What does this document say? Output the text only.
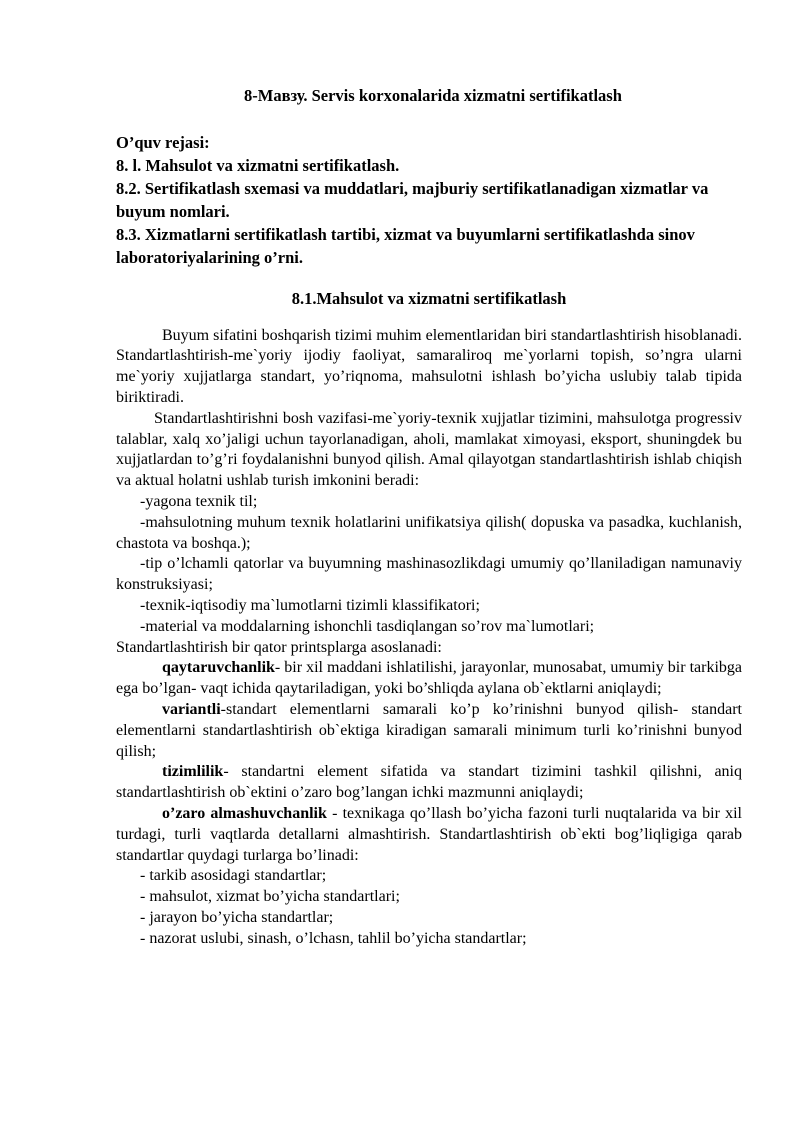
8-Мавзу. Servis korxonalarida xizmatni sertifikatlash
O’quv rejasi:
8. l. Mahsulot va xizmatni sertifikatlash.
8.2. Sertifikatlash sxemasi va muddatlari, majburiy sertifikatlanadigan xizmatlar va buyum nomlari.
8.3. Xizmatlarni sertifikatlash tartibi, xizmat va buyumlarni sertifikatlashda sinov laboratoriyalarining o’rni.
8.1.Mahsulot va xizmatni sertifikatlash

Buyum sifatini boshqarish tizimi muhim elementlaridan biri standartlashtirish hisoblanadi. Standartlashtirish-me`yoriy ijodiy faoliyat, samaraliroq me`yorlarni topish, so’ngra ularni me`yoriy xujjatlarga standart, yo’riqnoma, mahsulotni ishlash bo’yicha uslubiy talab tipida biriktiradi.

Standartlashtirishni bosh vazifasi-me`yoriy-texnik xujjatlar tizimini, mahsulotga progressiv talablar, xalq xo’jaligi uchun tayorlanadigan, aholi, mamlakat ximoyasi, eksport, shuningdek bu xujjatlardan to’g’ri foydalanishni bunyod qilish. Amal qilayotgan standartlashtirish ishlab chiqish va aktual holatni ushlab turish imkonini beradi:

-yagona texnik til;

-mahsulotning muhum texnik holatlarini unifikatsiya qilish( dopuska va pasadka, kuchlanish, chastota va boshqa.);

-tip o’lchamli qatorlar va buyumning mashinasozlikdagi umumiy qo’llaniladigan namunaviy konstruksiyasi;

-texnik-iqtisodiy ma`lumotlarni tizimli klassifikatori;

-material va moddalarning ishonchli tasdiqlangan so’rov ma`lumotlari;

Standartlashtirish bir qator printsplarga asoslanadi:

qaytaruvchanlik- bir xil maddani ishlatilishi, jarayonlar, munosabat, umumiy bir tarkibga ega bo’lgan- vaqt ichida qaytariladigan, yoki bo’shliqda aylana ob`ektlarni aniqlaydi;

variantli-standart elementlarni samarali ko’p ko’rinishni bunyod qilish- standart elementlarni standartlashtirish ob`ektiga kiradigan samarali minimum turli ko’rinishni bunyod qilish;

tizimlilik- standartni element sifatida va standart tizimini tashkil qilishni, aniq standartlashtirish ob`ektini o’zaro bog’langan ichki mazmunni aniqlaydi;

o’zaro almashuvchanlik - texnikaga qo’llash bo’yicha fazoni turli nuqtalarida va bir xil turdagi, turli vaqtlarda detallarni almashtirish. Standartlashtirish ob`ekti bog’liqligiga qarab standartlar quydagi turlarga bo’linadi:

- tarkib asosidagi standartlar;

- mahsulot, xizmat bo’yicha standartlari;

- jarayon bo’yicha standartlar;

- nazorat uslubi, sinash, o’lchasn, tahlil bo’yicha standartlar;
